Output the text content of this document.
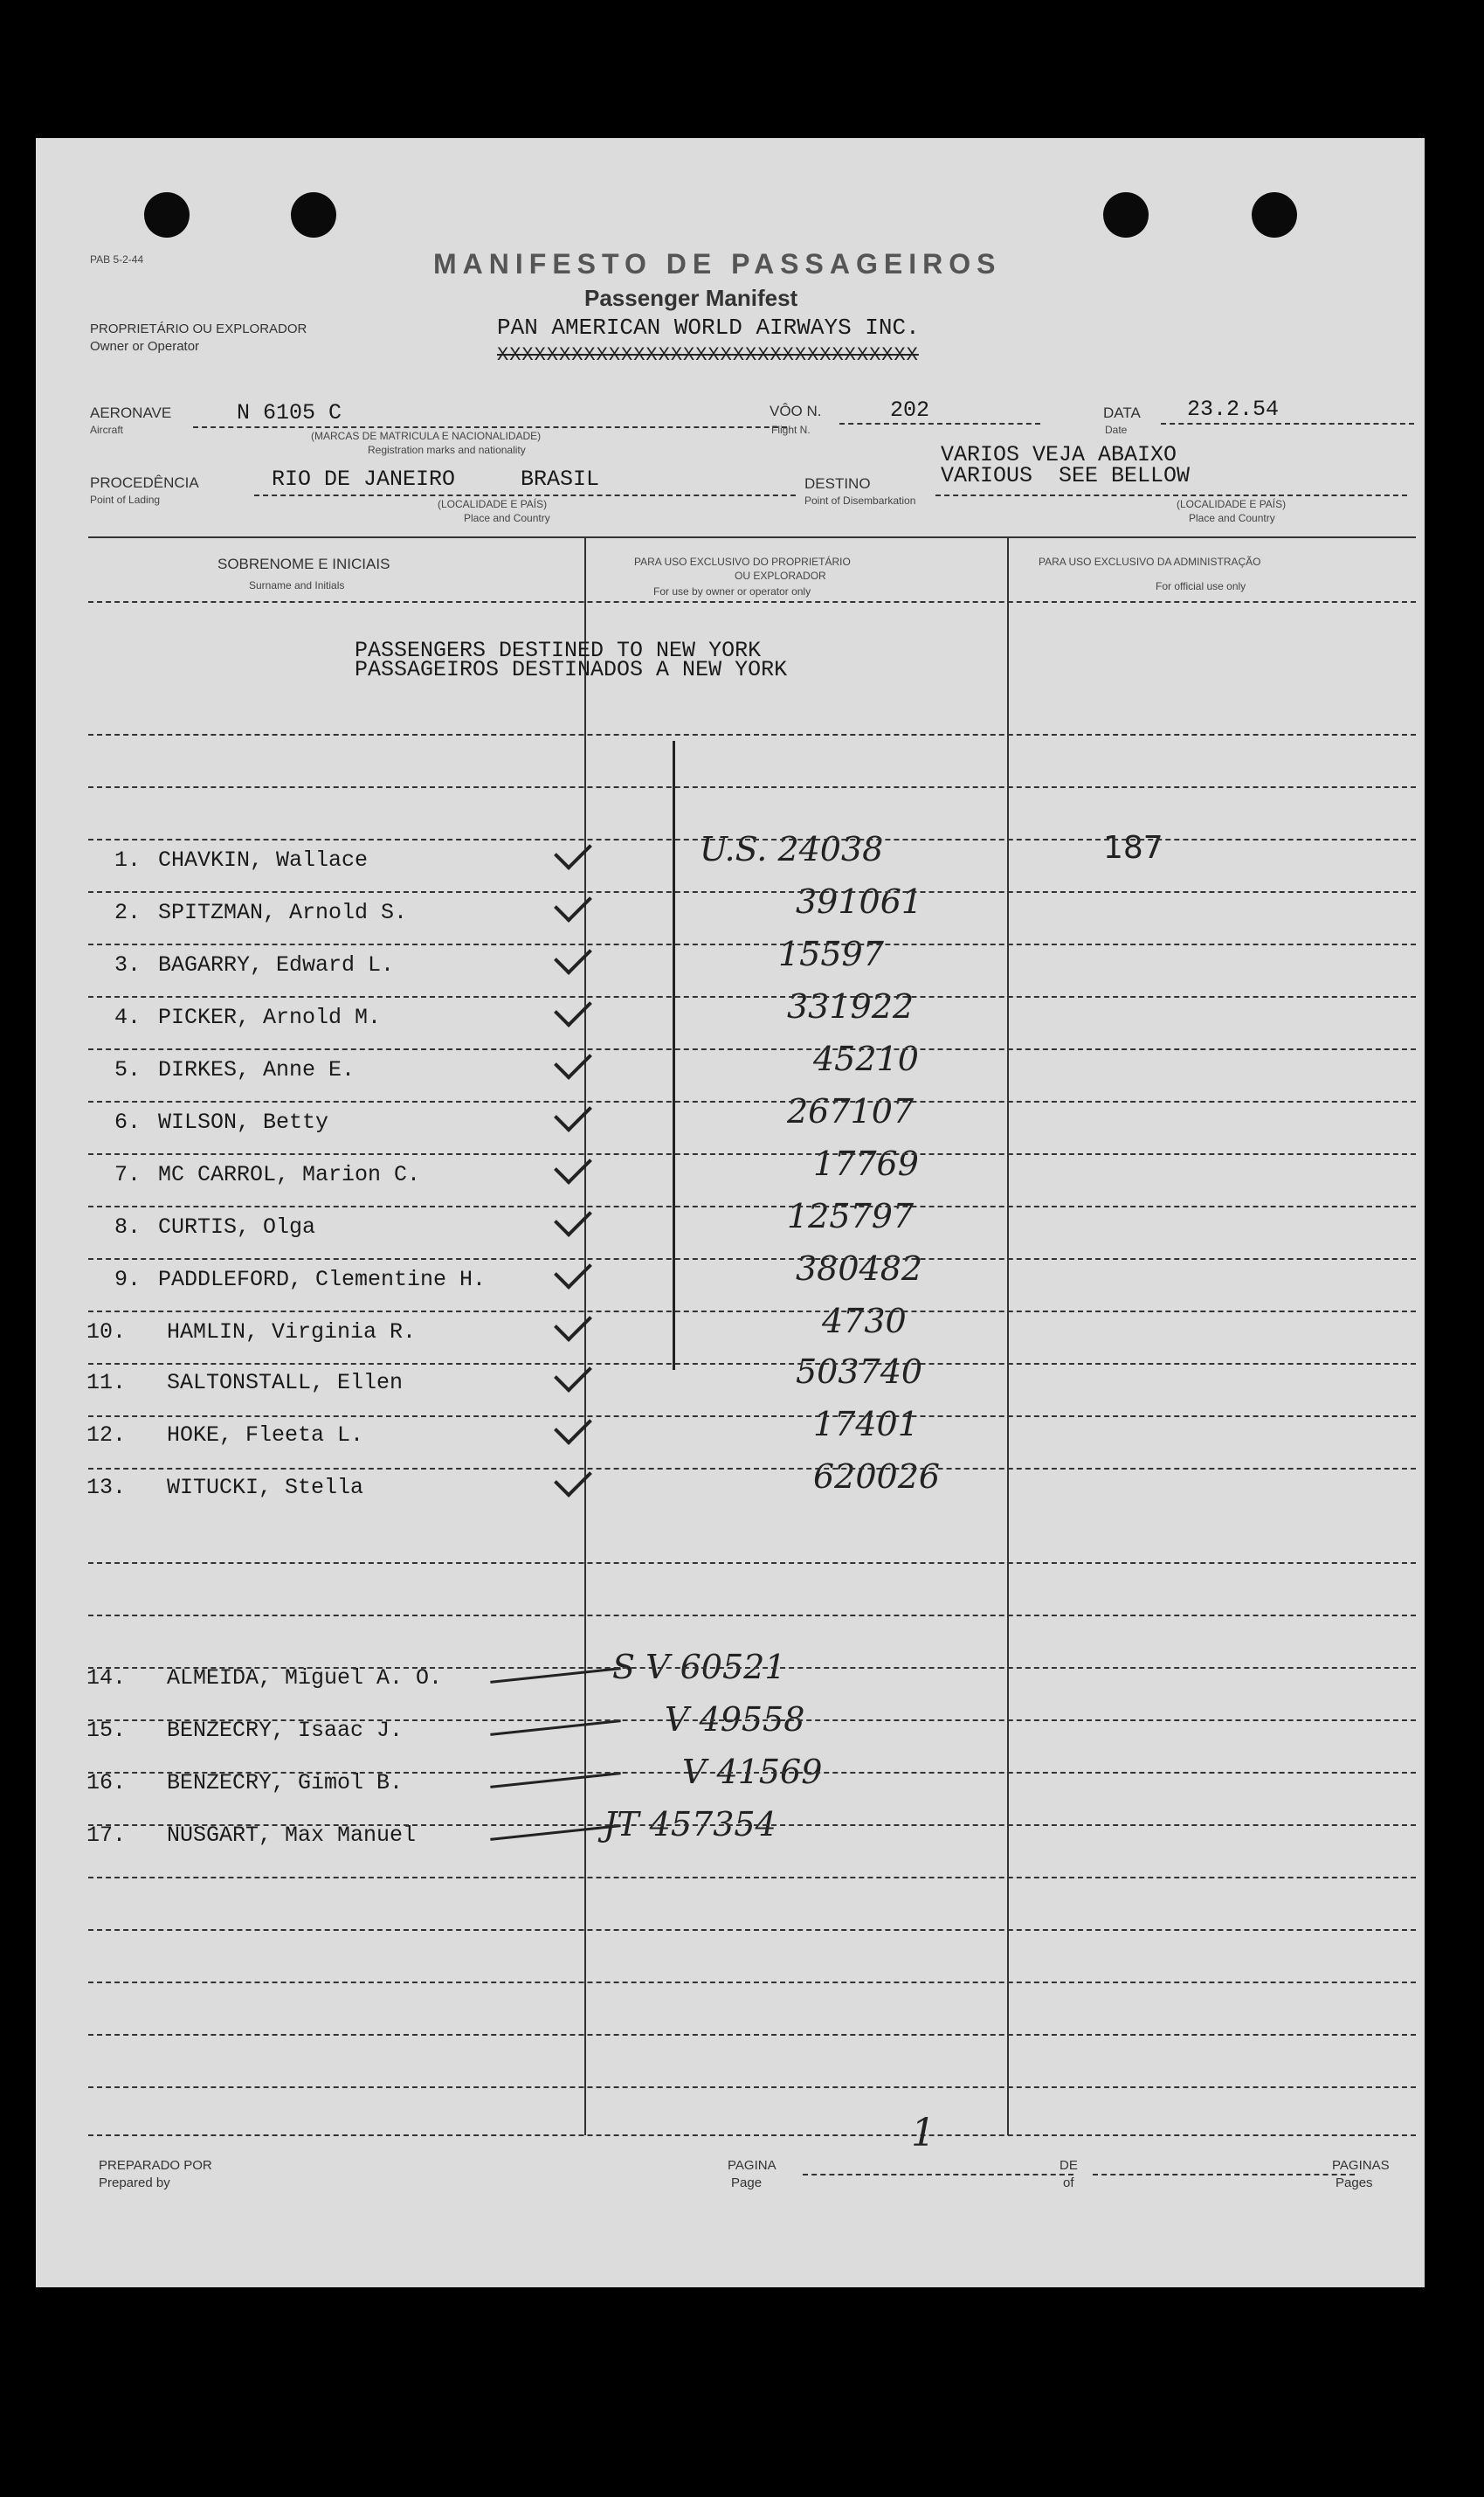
PAB 5-2-44	MANIFESTO DE PASSAGEIROS
Passenger Manifest
PROPRIETÁRIO OU EXPLORADOR
Owner or Operator
PAN AMERICAN WORLD AIRWAYS INC.
XXXXXXXXXXXXXXXXXXXXXXXXXXXXXXXXXX
AERONAVE
Aircraft
N 6105 C
(MARCAS DE MATRICULA E NACIONALIDADE)
Registration marks and nationality
VÔO N.
Flight N.
202	DATA
Date
23.2.54
PROCEDÊNCIA
Point of Lading
RIO DE JANEIRO     BRASIL
(LOCALIDADE E PAÍS)
Place and Country
DESTINO
Point of Disembarkation
VARIOS VEJA ABAIXO
VARIOUS  SEE BELLOW
(LOCALIDADE E PAÍS)
Place and Country
SOBRENOME E INICIAIS
Surname and Initials
PARA USO EXCLUSIVO DO PROPRIETÁRIO
OU EXPLORADOR
For use by owner or operator only
PARA USO EXCLUSIVO DA ADMINISTRAÇÃO
For official use only
PASSENGERS DESTINED TO NEW YORK
PASSAGEIROS DESTINADOS A NEW YORK
1. CHAVKIN, Wallace	U.S. 24038	187
2. SPITZMAN, Arnold S.	391061
3. BAGARRY, Edward L.	15597
4. PICKER, Arnold M.	331922
5. DIRKES, Anne E.	45210
6. WILSON, Betty	267107
7. MC CARROL, Marion C.	17769
8. CURTIS, Olga	125797
9. PADDLEFORD, Clementine H.	380482
10. HAMLIN, Virginia R.	4730
11. SALTONSTALL, Ellen	503740
12. HOKE, Fleeta L.	17401
13. WITUCKI, Stella	620026
14. ALMEIDA, Miguel A. O.	S V 60521
15. BENZECRY, Isaac J.	V 49558
16. BENZECRY, Gimol B.	V 41569
17. NUSGART, Max Manuel	JT 457354
PREPARADO POR
Prepared by
PAGINA
Page
1
DE
of
PAGINAS
Pages
